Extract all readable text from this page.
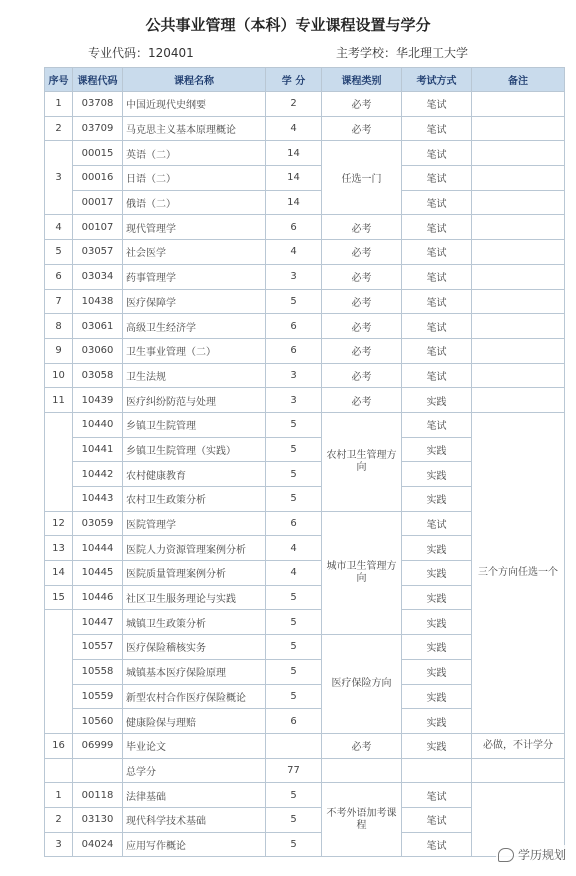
公共事业管理（本科）专业课程设置与学分
专业代码：120401	主考学校：华北理工大学
序号	课程代码	课程名称	学 分	课程类别	考试方式	备注
1	03708	中国近现代史纲要	2	必考	笔试	
2	03709	马克思主义基本原理概论	4	必考	笔试	
3	00015	英语（二）	14	任选一门	笔试	
	00016	日语（二）	14		笔试	
	00017	俄语（二）	14		笔试	
4	00107	现代管理学	6	必考	笔试	
5	03057	社会医学	4	必考	笔试	
6	03034	药事管理学	3	必考	笔试	
7	10438	医疗保障学	5	必考	笔试	
8	03061	高级卫生经济学	6	必考	笔试	
9	03060	卫生事业管理（二）	6	必考	笔试	
10	03058	卫生法规	3	必考	笔试	
11	10439	医疗纠纷防范与处理	3	必考	实践	
	10440	乡镇卫生院管理	5	农村卫生管理方向	笔试	三个方向任选一个
	10441	乡镇卫生院管理（实践）	5		实践	
	10442	农村健康教育	5		实践	
	10443	农村卫生政策分析	5		实践	
12	03059	医院管理学	6	城市卫生管理方向	笔试	
13	10444	医院人力资源管理案例分析	4		实践	
14	10445	医院质量管理案例分析	4		实践	
15	10446	社区卫生服务理论与实践	5		实践	
	10447	城镇卫生政策分析	5		实践	
	10557	医疗保险稽核实务	5	医疗保险方向	实践	
	10558	城镇基本医疗保险原理	5		实践	
	10559	新型农村合作医疗保险概论	5		实践	
	10560	健康险保与理赔	6		实践	
16	06999	毕业论文		必考	实践	必做，不计学分
		总学分	77			
1	00118	法律基础	5	不考外语加考课程	笔试	
2	03130	现代科学技术基础	5		笔试	
3	04024	应用写作概论	5		笔试	
学历规划
